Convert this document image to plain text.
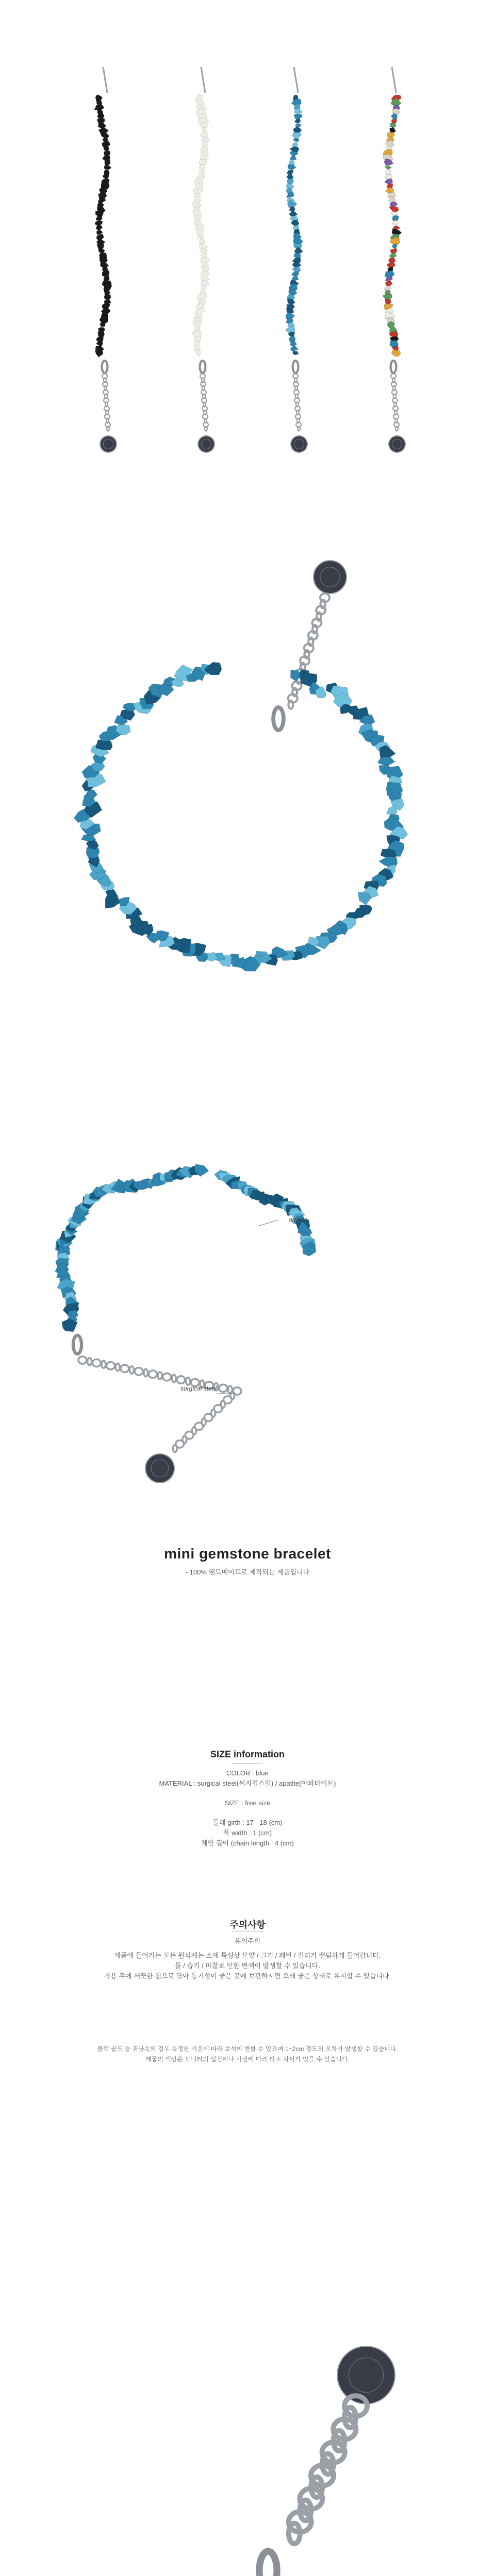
apatite
surgical steel
mini gemstone bracelet
- 100% 핸드메이드로 제작되는 제품입니다
SIZE information
COLOR : blue
MATERIAL : surgical steel(써지컬스틸) / apatite(아파타이트)
SIZE : free size
둘레 girth : 17 - 18 (cm)
폭 width : 1 (cm)
체인 길이 (chain length : 4 (cm)
주의사항
유의주의
제품에 들어가는 모든 원석제는 소재 특성상 모양 / 크기 / 패턴 / 컬러가 랜덤하게 들어갑니다.
물 / 습기 / 마찰로 인한 변색이 발생할 수 있습니다.
착용 후에 깨끗한 천으로 닦아 통기성이 좋은 곳에 보관하시면 오래 좋은 상태로 유지할 수 있습니다.
블랙 골드 등 귀금속의 경우 특정한 기온에 따라 보석이 변할 수 있으며 1~2cm 정도의 오차가 발생할 수 있습니다.
제품의 색상은 모니터의 설정이나 사진에 따라 다소 차이가 있을 수 있습니다.
